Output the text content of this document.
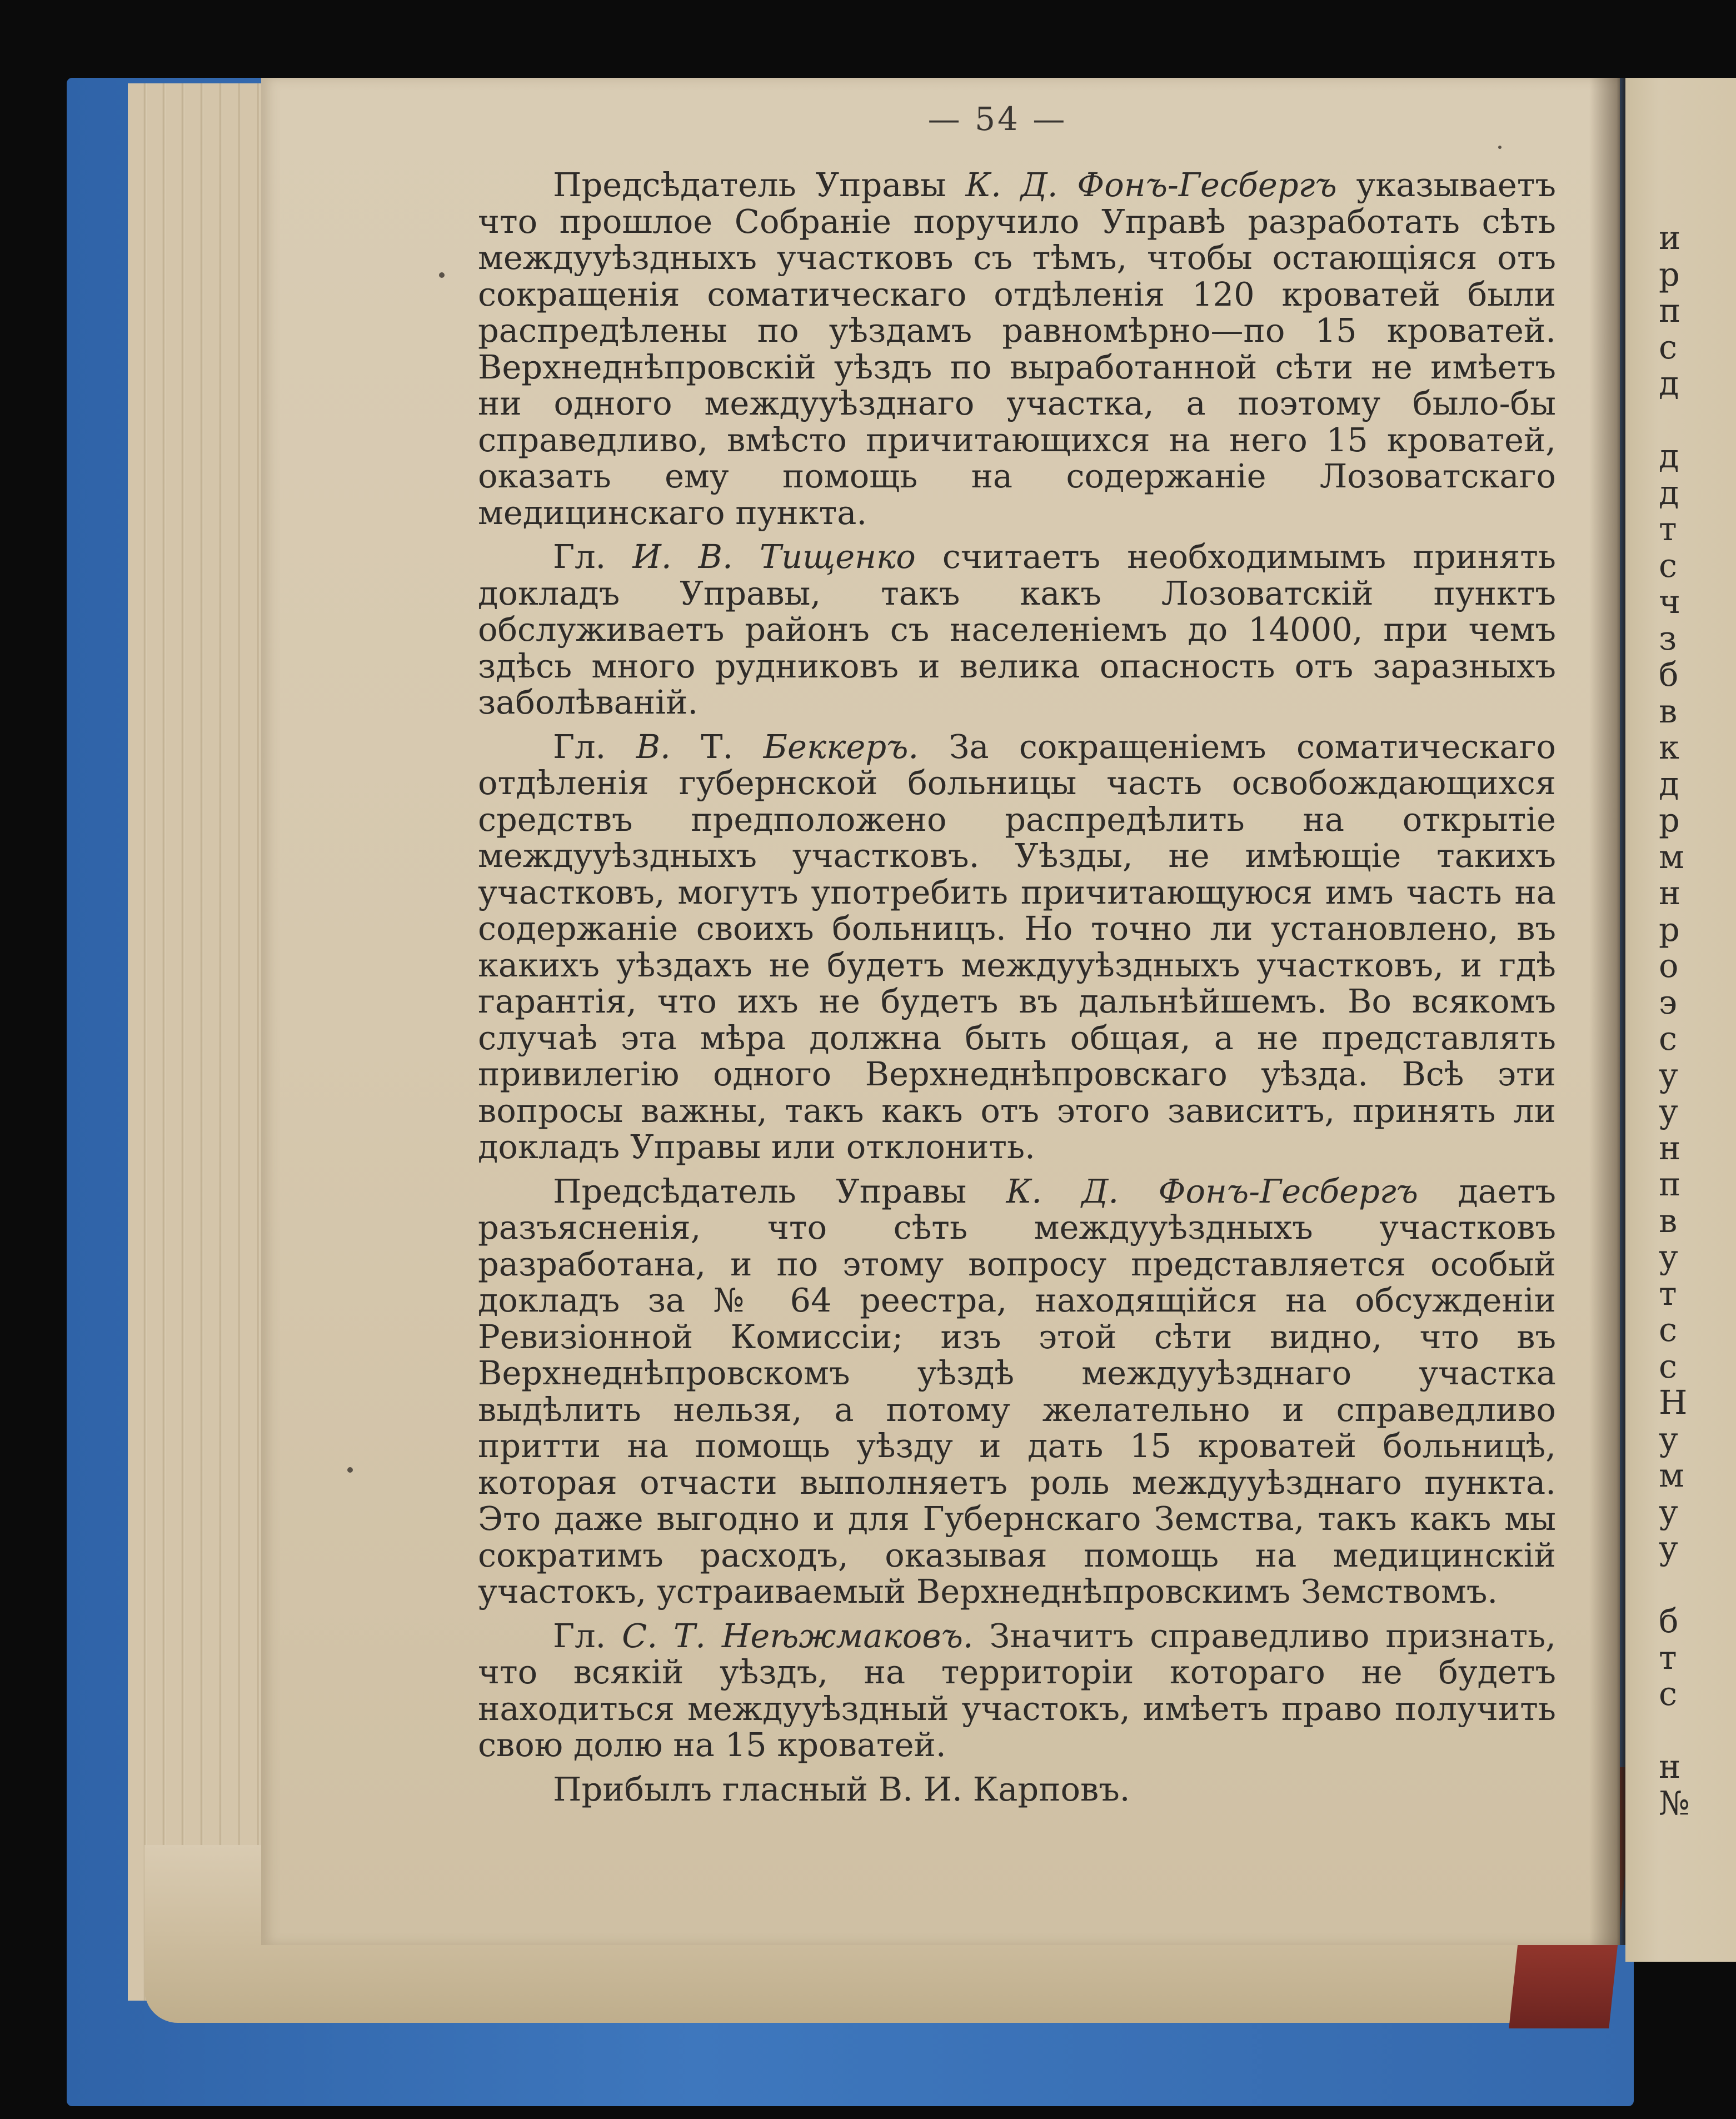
— 54 —

Предсѣдатель Управы К. Д. Фонъ-Гесбергъ указываетъ что прошлое Собраніе поручило Управѣ разработать сѣть междууѣздныхъ участковъ съ тѣмъ, чтобы остающіяся отъ сокращенія соматическаго отдѣленія 120 кроватей были распредѣлены по уѣздамъ равномѣрно—по 15 кроватей. Верхнеднѣпровскій уѣздъ по выработанной сѣти не имѣетъ ни одного междууѣзднаго участка, а поэтому было-бы справедливо, вмѣсто причитающихся на него 15 кроватей, оказать ему помощь на содержаніе Лозоватскаго медицинскаго пункта.

Гл. И. В. Тищенко считаетъ необходимымъ принять докладъ Управы, такъ какъ Лозоватскій пунктъ обслуживаетъ районъ съ населеніемъ до 14000, при чемъ здѣсь много рудниковъ и велика опасность отъ заразныхъ заболѣваній.

Гл. В. Т. Беккеръ. За сокращеніемъ соматическаго отдѣленія губернской больницы часть освобождающихся средствъ предположено распредѣлить на открытіе междууѣздныхъ участковъ. Уѣзды, не имѣющіе такихъ участковъ, могутъ употребить причитающуюся имъ часть на содержаніе своихъ больницъ. Но точно ли установлено, въ какихъ уѣздахъ не будетъ междууѣздныхъ участковъ, и гдѣ гарантія, что ихъ не будетъ въ дальнѣйшемъ. Во всякомъ случаѣ эта мѣра должна быть общая, а не представлять привилегію одного Верхнеднѣпровскаго уѣзда. Всѣ эти вопросы важны, такъ какъ отъ этого зависитъ, принять ли докладъ Управы или отклонить.

Предсѣдатель Управы К. Д. Фонъ-Гесбергъ даетъ разъясненія, что сѣть междууѣздныхъ участковъ разработана, и по этому вопросу представляется особый докладъ за № 64 реестра, находящійся на обсужденіи Ревизіонной Комиссіи; изъ этой сѣти видно, что въ Верхнеднѣпровскомъ уѣздѣ междууѣзднаго участка выдѣлить нельзя, а потому желательно и справедливо притти на помощь уѣзду и дать 15 кроватей больницѣ, которая отчасти выполняетъ роль междууѣзднаго пункта. Это даже выгодно и для Губернскаго Земства, такъ какъ мы сократимъ расходъ, оказывая помощь на медицинскій участокъ, устраиваемый Верхнеднѣпровскимъ Земствомъ.

Гл. С. Т. Неѣжмаковъ. Значитъ справедливо признать, что всякій уѣздъ, на территоріи котораго не будетъ находиться междууѣздный участокъ, имѣетъ право получить свою долю на 15 кроватей.

Прибылъ гласный В. И. Карповъ.

и
р
п
с
д
д
д
т
с
ч
з
б
в
к
д
р
м
н
р
о
э
с
у
у
н
п
в
у
т
с
с
Н
у
м
у
у
б
т
с
н
№
